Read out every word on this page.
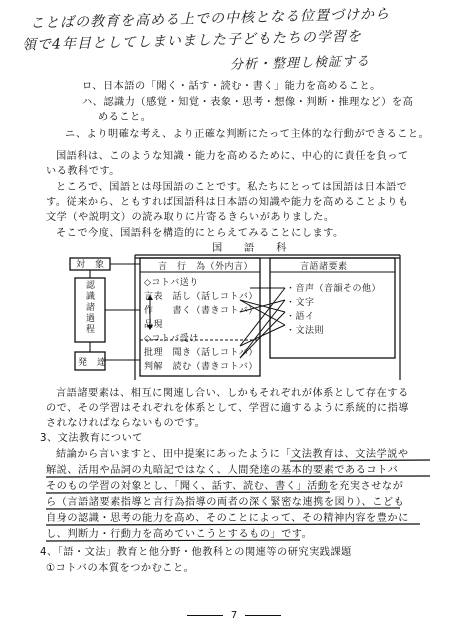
ことばの教育を高める上での中核となる位置づけから
領で4年目としてしまいました子どもたちの学習を
分析・整理し検証する
ロ、日本語の「聞く・話す・読む・書く」能力を高めること。
ハ、認識力（感覚・知覚・表象・思考・想像・判断・推理など）を高
めること。
ニ、より明確な考え、より正確な判断にたって主体的な行動ができること。
国語科は、このような知識・能力を高めるために、中心的に責任を負って
いる教科です。
ところで、国語とは母国語のことです。私たちにとっては国語は日本語で
す。従来から、ともすれば国語科は日本語の知識や能力を高めることよりも
文学（や説明文）の読み取りに片寄るきらいがありました。
そこで今度、国語科を構造的にとらえてみることにします。
国　　語　　科
対　象
認識諸過程
発　達
言　行　為（外内言）
◇コトバ送り
言表　話し（話しコトバ）
作　　書く（書きコトバ）
品現
◇コトバ受け
批理　聞き（話しコトバ）
判解　読む（書きコトバ）
言語諸要素
・音声（音韻その他）
・文字
・語イ
・文法則
言語諸要素は、相互に関連し合い、しかもそれぞれが体系として存在する
ので、その学習はそれぞれを体系として、学習に適するように系統的に指導
されなければならないものです。
3、文法教育について
結論から言いますと、田中提案にあったように「文法教育は、文法学説や
解説、活用や品詞の丸暗記ではなく、人間発達の基本的要素であるコトバ
そのもの学習の対象とし、「聞く、話す、読む、書く」活動を充実させなが
ら（言語諸要素指導と言行為指導の両者の深く緊密な連携を図り）、こども
自身の認識・思考の能力を高め、そのことによって、その精神内容を豊かに
し、判断力・行動力を高めていこうとするもの」です。
4、「語・文法」教育と他分野・他教科との関連等の研究実践課題
①コトバの本質をつかむこと。
7
